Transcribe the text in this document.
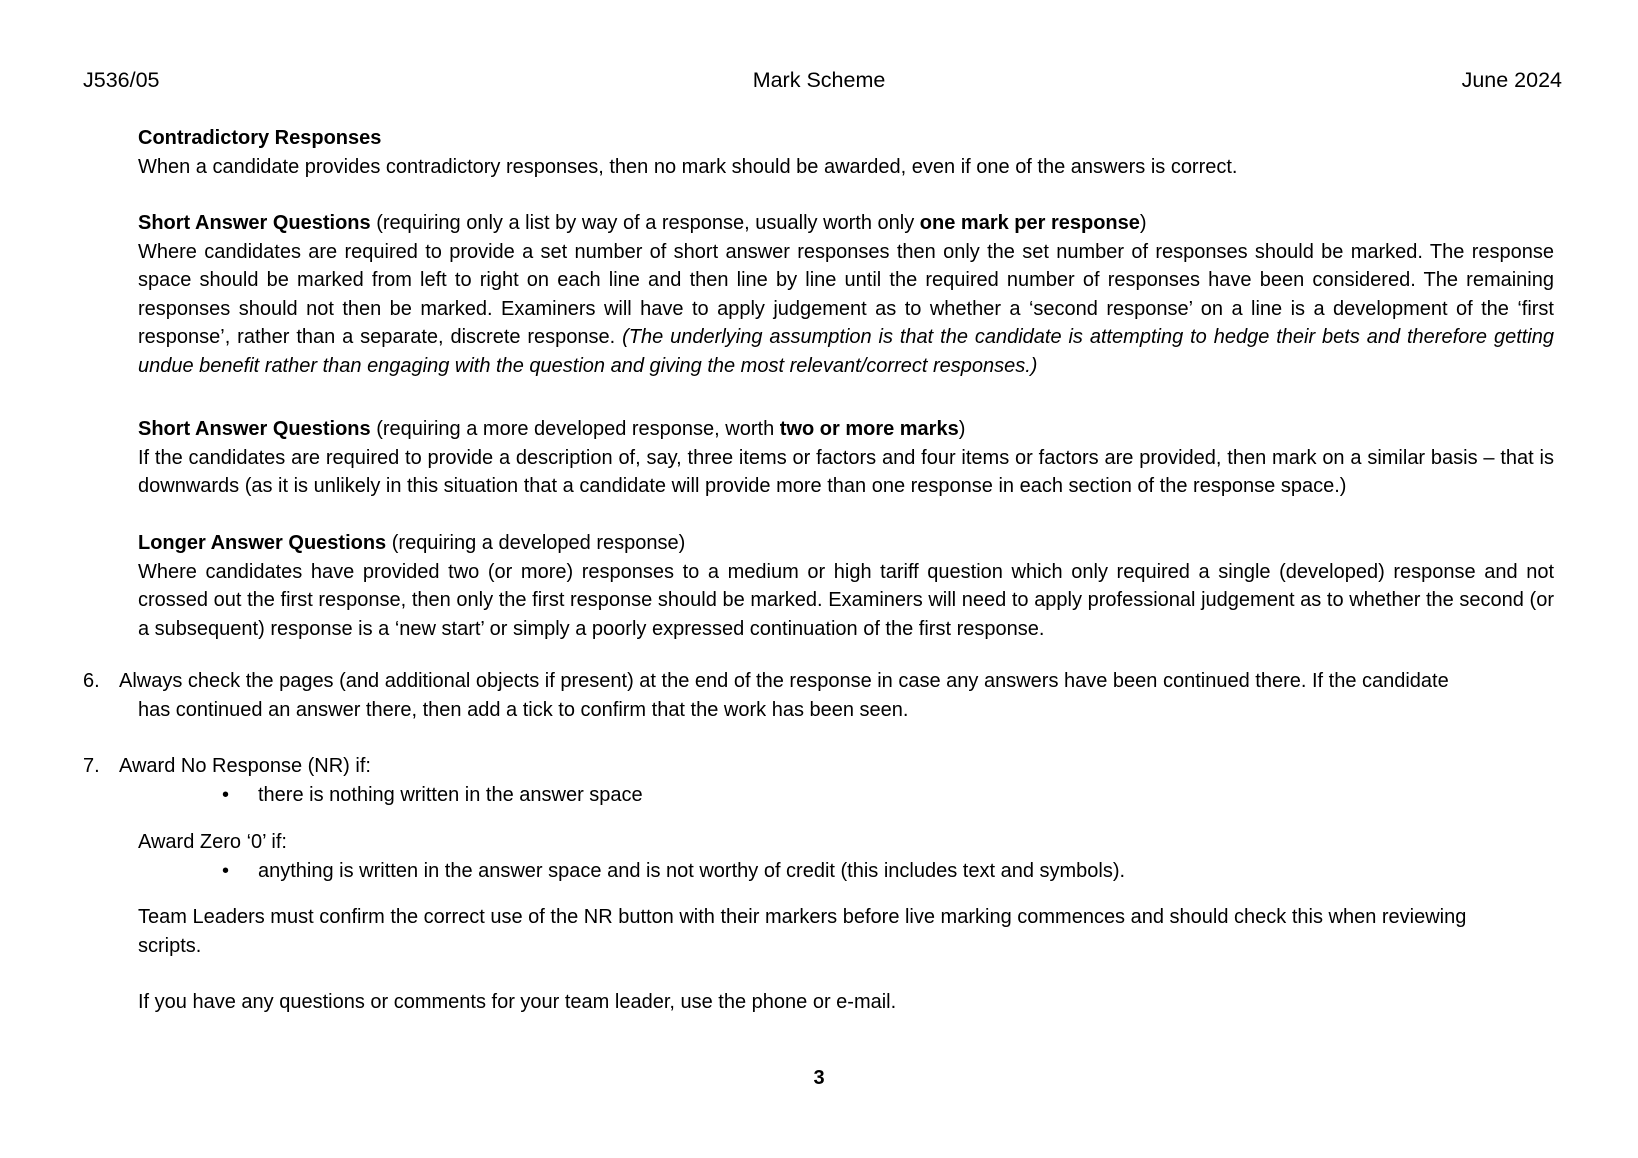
J536/05	Mark Scheme	June 2024
Contradictory Responses
When a candidate provides contradictory responses, then no mark should be awarded, even if one of the answers is correct.
Short Answer Questions (requiring only a list by way of a response, usually worth only one mark per response)
Where candidates are required to provide a set number of short answer responses then only the set number of responses should be marked. The response space should be marked from left to right on each line and then line by line until the required number of responses have been considered. The remaining responses should not then be marked. Examiners will have to apply judgement as to whether a ‘second response’ on a line is a development of the ‘first response’, rather than a separate, discrete response. (The underlying assumption is that the candidate is attempting to hedge their bets and therefore getting undue benefit rather than engaging with the question and giving the most relevant/correct responses.)
Short Answer Questions (requiring a more developed response, worth two or more marks)
If the candidates are required to provide a description of, say, three items or factors and four items or factors are provided, then mark on a similar basis – that is downwards (as it is unlikely in this situation that a candidate will provide more than one response in each section of the response space.)
Longer Answer Questions (requiring a developed response)
Where candidates have provided two (or more) responses to a medium or high tariff question which only required a single (developed) response and not crossed out the first response, then only the first response should be marked. Examiners will need to apply professional judgement as to whether the second (or a subsequent) response is a ‘new start’ or simply a poorly expressed continuation of the first response.
6. Always check the pages (and additional objects if present) at the end of the response in case any answers have been continued there. If the candidate
has continued an answer there, then add a tick to confirm that the work has been seen.
7. Award No Response (NR) if:
• there is nothing written in the answer space
Award Zero ‘0’ if:
• anything is written in the answer space and is not worthy of credit (this includes text and symbols).
Team Leaders must confirm the correct use of the NR button with their markers before live marking commences and should check this when reviewing scripts.
If you have any questions or comments for your team leader, use the phone or e-mail.
3
